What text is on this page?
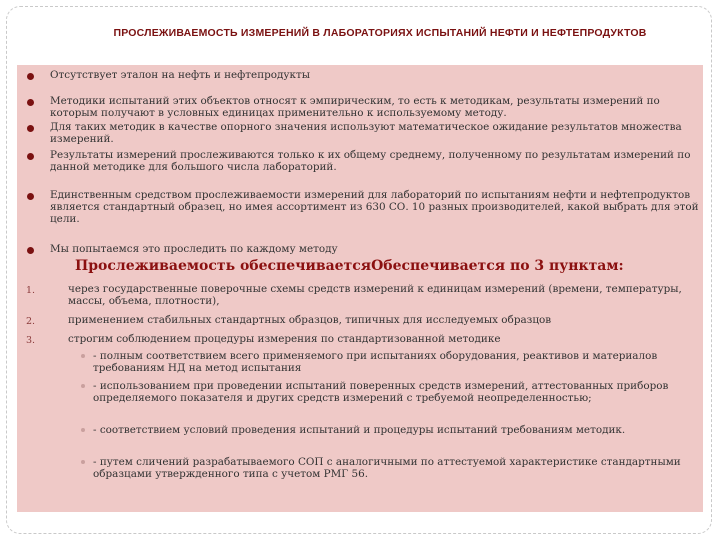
ПРОСЛЕЖИВАЕМОСТЬ ИЗМЕРЕНИЙ В ЛАБОРАТОРИЯХ ИСПЫТАНИЙ НЕФТИ И НЕФТЕПРОДУКТОВ
Отсутствует эталон на нефть и нефтепродукты
Методики испытаний этих объектов относят к эмпирическим, то есть к методикам, результаты измерений по которым получают в условных единицах применительно к используемому методу.
Для таких методик в качестве опорного значения используют математическое ожидание результатов множества измерений.
Результаты измерений прослеживаются только к их общему среднему, полученному по результатам измерений по данной методике для большого числа лабораторий.
Единственным средством прослеживаемости измерений для лабораторий по испытаниям нефти и нефтепродуктов является стандартный образец, но имея ассортимент из 630 СО. 10 разных производителей, какой выбрать для этой цели.
Мы попытаемся это проследить по каждому методу
Прослеживаемость обеспечиваетсяОбеспечивается по 3 пунктам:
1.	через государственные поверочные схемы средств измерений к единицам измерений (времени, температуры, массы, объема, плотности),
2.	применением стабильных стандартных образцов, типичных для исследуемых образцов
3.	строгим соблюдением процедуры измерения по стандартизованной методике
- полным соответствием всего применяемого при испытаниях оборудования, реактивов и материалов требованиям НД на метод испытания
- использованием при проведении испытаний поверенных средств измерений, аттестованных приборов определяемого показателя и других средств измерений с требуемой неопределенностью;
- соответствием условий проведения испытаний и процедуры испытаний требованиям методик.
- путем сличений разрабатываемого СОП с аналогичными по аттестуемой характеристике стандартными образцами утвержденного типа с учетом РМГ 56.
